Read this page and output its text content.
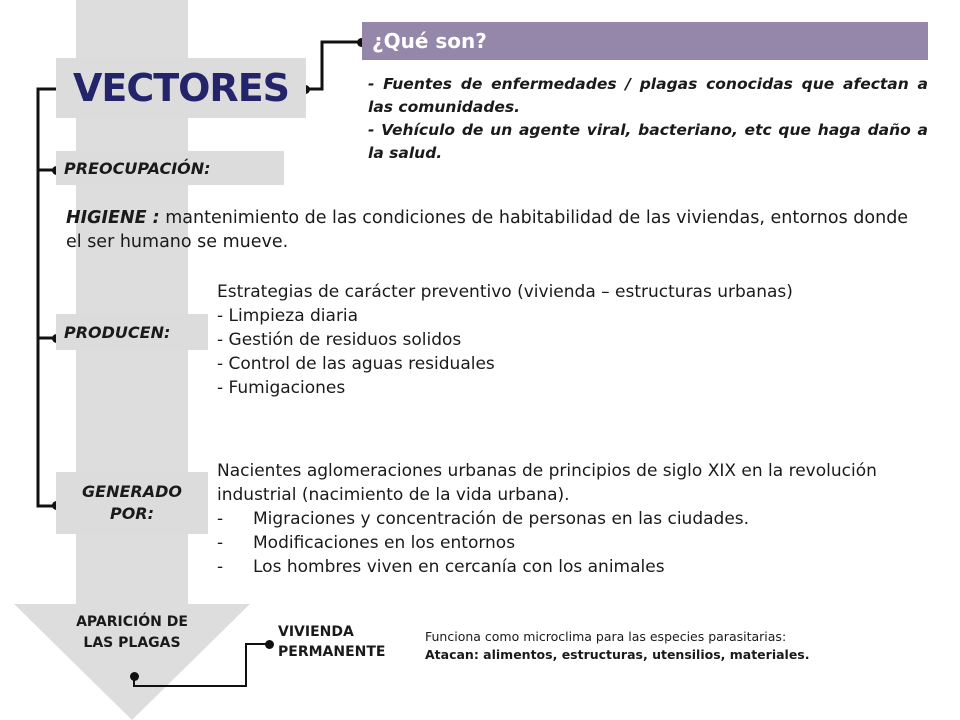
VECTORES
¿Qué son?
- Fuentes de enfermedades / plagas conocidas que afectan a las comunidades.
- Vehículo de un agente viral, bacteriano, etc que haga daño a la salud.
PREOCUPACIÓN:
HIGIENE : mantenimiento de las condiciones de habitabilidad de las viviendas, entornos donde el ser humano se mueve.
PRODUCEN:
Estrategias de carácter preventivo (vivienda – estructuras urbanas)
- Limpieza diaria
- Gestión de residuos solidos
- Control de las aguas residuales
- Fumigaciones
GENERADO POR:
Nacientes aglomeraciones urbanas de principios de siglo XIX en la revolución industrial (nacimiento de la vida urbana).
-	Migraciones y concentración de personas en las ciudades.
-	Modificaciones en los entornos
-	Los hombres viven en cercanía con los animales
APARICIÓN DE LAS PLAGAS
VIVIENDA PERMANENTE
Funciona como microclima para las especies parasitarias:
Atacan: alimentos, estructuras, utensilios, materiales.
